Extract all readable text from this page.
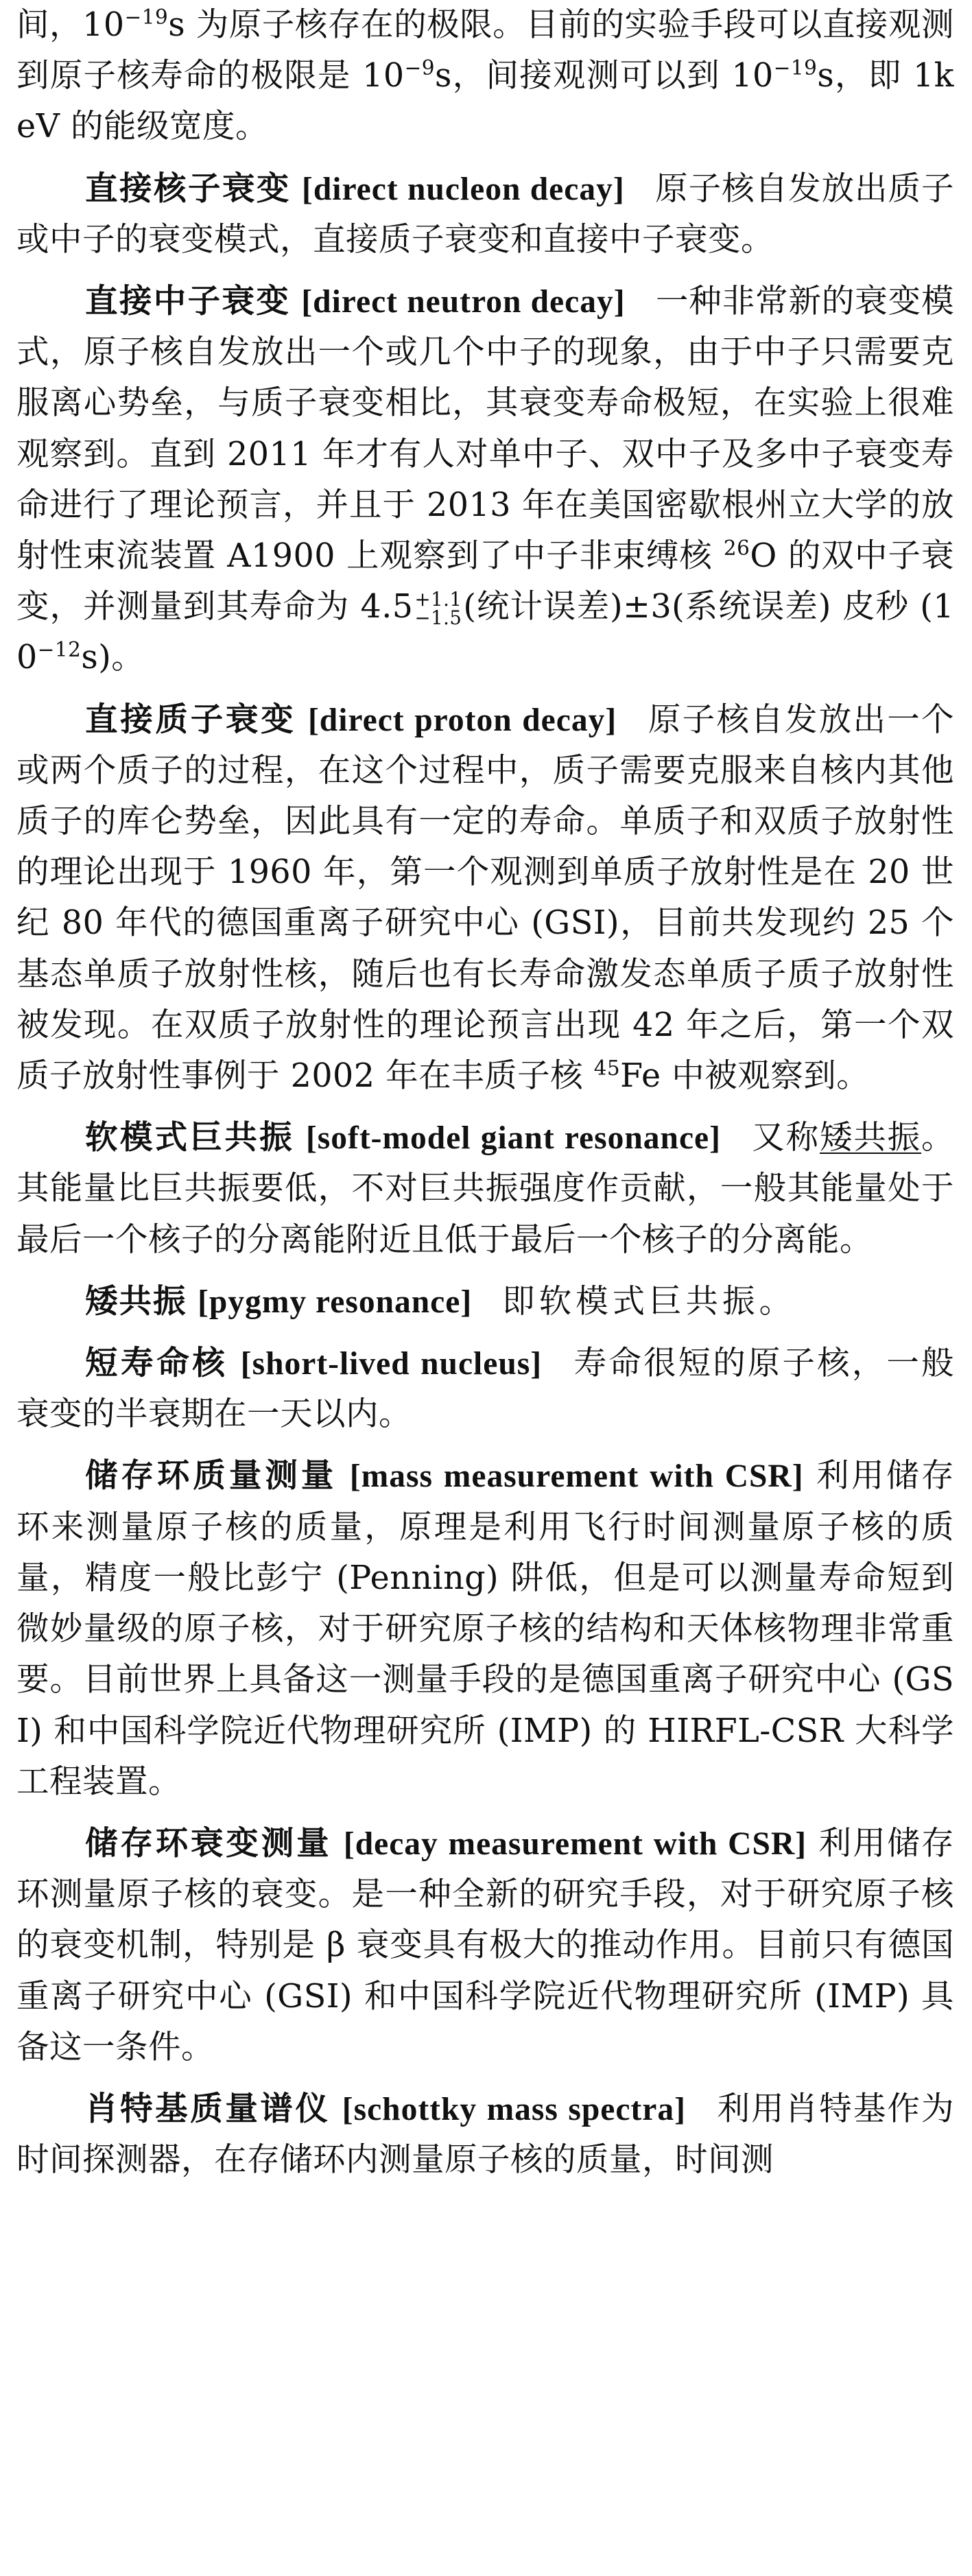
间，$10^{-19}s$ 为原子核存在的极限。目前的实验手段可以直接观测到原子核寿命的极限是 $10^{-9}s$，间接观测可以到 $10^{-19}s$，即 1keV 的能级宽度。

直接核子衰变 [direct nucleon decay] 原子核自发放出质子或中子的衰变模式，直接质子衰变和直接中子衰变。

直接中子衰变 [direct neutron decay] 一种非常新的衰变模式，原子核自发放出一个或几个中子的现象，由于中子只需要克服离心势垒，与质子衰变相比，其衰变寿命极短，在实验上很难观察到。直到 2011 年才有人对单中子、双中子及多中子衰变寿命进行了理论预言，并且于 2013 年在美国密歇根州立大学的放射性束流装置 A1900 上观察到了中子非束缚核 $^{26}$O 的双中子衰变，并测量到其寿命为 4.5 +1.1
−1.5 (统计误差)±3(系统误差) 皮秒 $(10^{-12}s)$。

直接质子衰变 [direct proton decay] 原子核自发放出一个或两个质子的过程，在这个过程中，质子需要克服来自核内其他质子的库仑势垒，因此具有一定的寿命。单质子和双质子放射性的理论出现于 1960 年，第一个观测到单质子放射性是在 20 世纪 80 年代的德国重离子研究中心 (GSI)，目前共发现约 25 个基态单质子放射性核，随后也有长寿命激发态单质子质子放射性被发现。在双质子放射性的理论预言出现 42 年之后，第一个双质子放射性事例于 2002 年在丰质子核 $^{45}$Fe 中被观察到。

软模式巨共振 [soft-model giant resonance] 又称矮共振。其能量比巨共振要低，不对巨共振强度作贡献，一般其能量处于最后一个核子的分离能附近且低于最后一个核子的分离能。

矮共振 [pygmy resonance] 即软模式巨共振。

短寿命核 [short-lived nucleus] 寿命很短的原子核，一般衰变的半衰期在一天以内。

储存环质量测量 [mass measurement with CSR] 利用储存环来测量原子核的质量，原理是利用飞行时间测量原子核的质量，精度一般比彭宁 (Penning) 阱低，但是可以测量寿命短到微妙量级的原子核，对于研究原子核的结构和天体核物理非常重要。目前世界上具备这一测量手段的是德国重离子研究中心 (GSI) 和中国科学院近代物理研究所 (IMP) 的 HIRFL-CSR 大科学工程装置。

储存环衰变测量 [decay measurement with CSR] 利用储存环测量原子核的衰变。是一种全新的研究手段，对于研究原子核的衰变机制，特别是 β 衰变具有极大的推动作用。目前只有德国重离子研究中心 (GSI) 和中国科学院近代物理研究所 (IMP) 具备这一条件。

肖特基质量谱仪 [schottky mass spectra] 利用肖特基作为时间探测器，在存储环内测量原子核的质量，时间测
